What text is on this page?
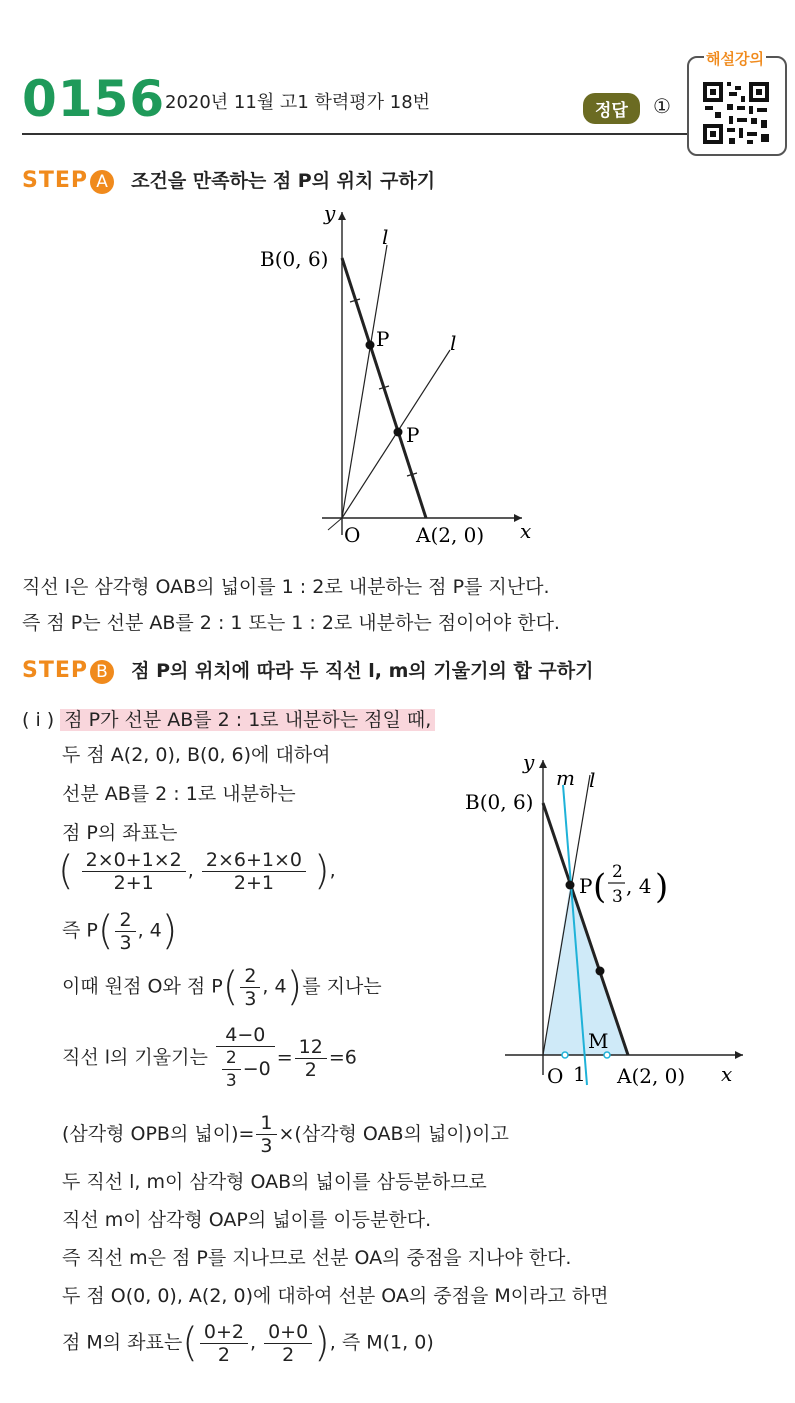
0156 2020년 11월 고1 학력평가 18번	정답	①
해설강의
STEP A 조건을 만족하는 점 P의 위치 구하기
y
x
O
B(0, 6)
A(2, 0)
l
l
P
P
직선 l은 삼각형 OAB의 넓이를 1 : 2로 내분하는 점 P를 지난다.
즉 점 P는 선분 AB를 2 : 1 또는 1 : 2로 내분하는 점이어야 한다.
STEP B 점 P의 위치에 따라 두 직선 l, m의 기울기의 합 구하기
( i ) 점 P가 선분 AB를 2 : 1로 내분하는 점일 때,
두 점 A(2, 0), B(0, 6)에 대하여
선분 AB를 2 : 1로 내분하는
점 P의 좌표는
( $\frac{2\times 0+1\times 2}{2+1}$ , $\frac{2\times 6+1\times 0}{2+1}$ ),
즉 $P( \frac{2}{3}$ , 4)
이때 원점 O와 점 $P( \frac{2}{3}$ , 4)를 지나는
직선 l의 기울기는 $\frac{4-0}{\frac{2}{3} -0} = \frac{12}{2} =6$
(삼각형 OPB의 넓이)= $\frac{1}{3}$ ×(삼각형 OAB의 넓이)이고
두 직선 l, m이 삼각형 OAB의 넓이를 삼등분하므로
직선 m이 삼각형 OAP의 넓이를 이등분한다.
즉 직선 m은 점 P를 지나므로 선분 OA의 중점을 지나야 한다.
두 점 O(0, 0), A(2, 0)에 대하여 선분 OA의 중점을 M이라고 하면
점 M의 좌표는( $\frac{0+2}{2}$ , $\frac{0+0}{2}$ ), 즉 M(1, 0)
y
x
O 1
B(0, 6)
A(2, 0)
m l
M
P ( 2
3 , 4 )
